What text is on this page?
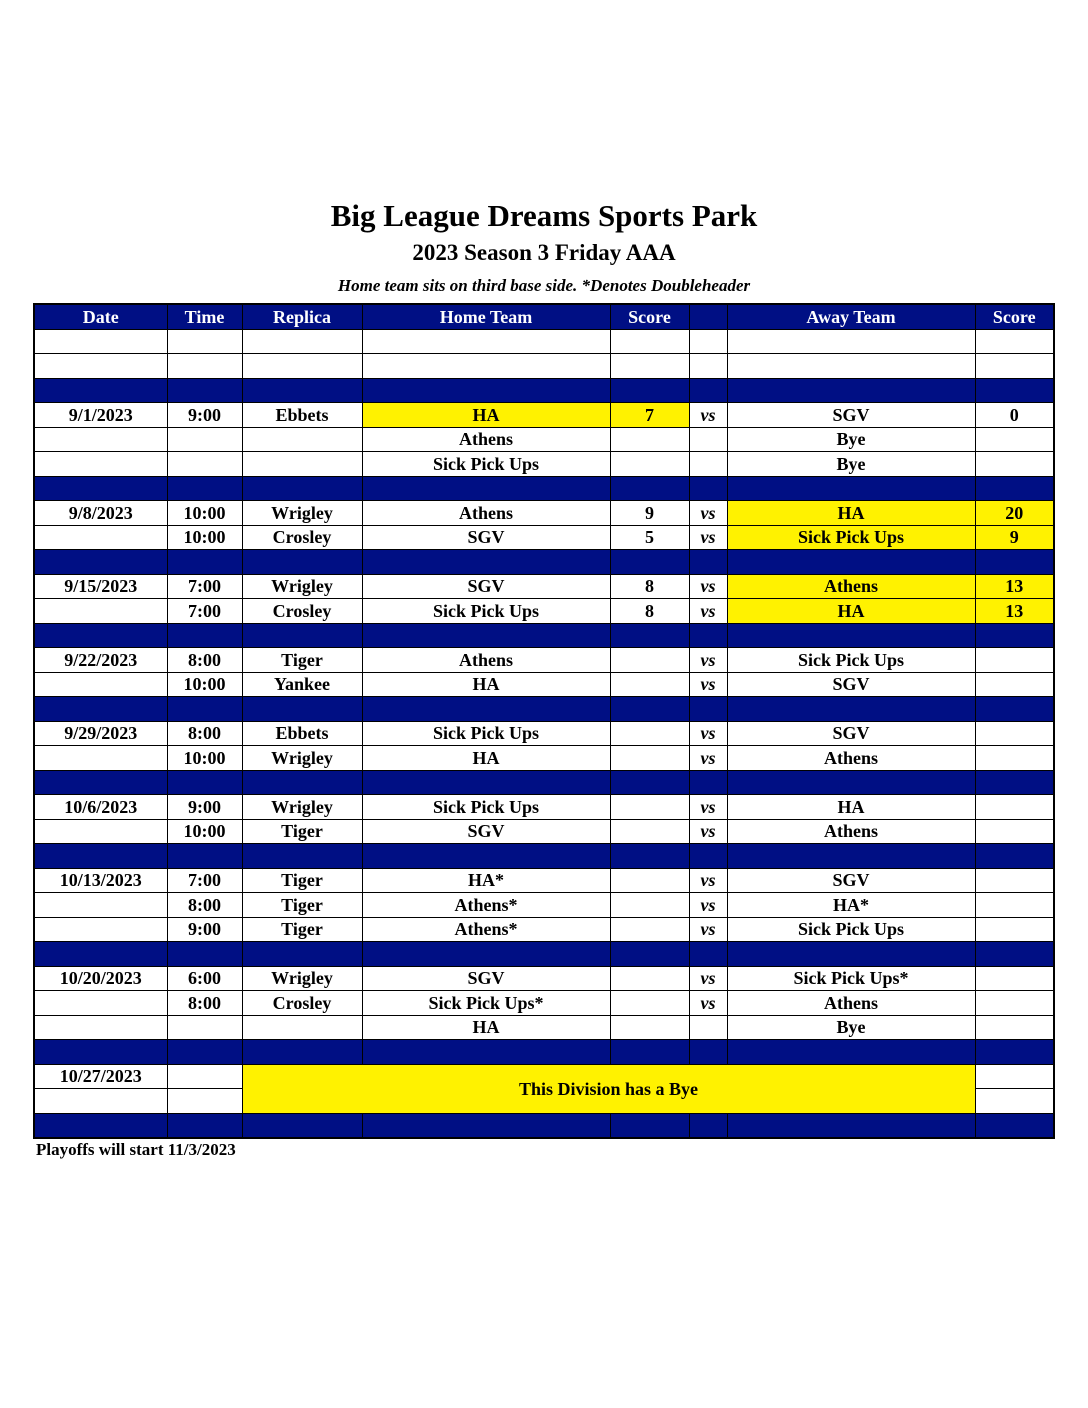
Big League Dreams Sports Park
2023 Season 3 Friday AAA
Home team sits on third base side. *Denotes Doubleheader
Date	Time	Replica	Home Team	Score		Away Team	Score

9/1/2023	9:00	Ebbets	HA	7	vs	SGV	0
			Athens			Bye	
			Sick Pick Ups			Bye	

9/8/2023	10:00	Wrigley	Athens	9	vs	HA	20
	10:00	Crosley	SGV	5	vs	Sick Pick Ups	9

9/15/2023	7:00	Wrigley	SGV	8	vs	Athens	13
	7:00	Crosley	Sick Pick Ups	8	vs	HA	13

9/22/2023	8:00	Tiger	Athens		vs	Sick Pick Ups	
	10:00	Yankee	HA		vs	SGV	

9/29/2023	8:00	Ebbets	Sick Pick Ups		vs	SGV	
	10:00	Wrigley	HA		vs	Athens	

10/6/2023	9:00	Wrigley	Sick Pick Ups		vs	HA	
	10:00	Tiger	SGV		vs	Athens	

10/13/2023	7:00	Tiger	HA*		vs	SGV	
	8:00	Tiger	Athens*		vs	HA*	
	9:00	Tiger	Athens*		vs	Sick Pick Ups	

10/20/2023	6:00	Wrigley	SGV		vs	Sick Pick Ups*	
	8:00	Crosley	Sick Pick Ups*		vs	Athens	
			HA			Bye	

10/27/2023		This Division has a Bye					

Playoffs will start 11/3/2023
